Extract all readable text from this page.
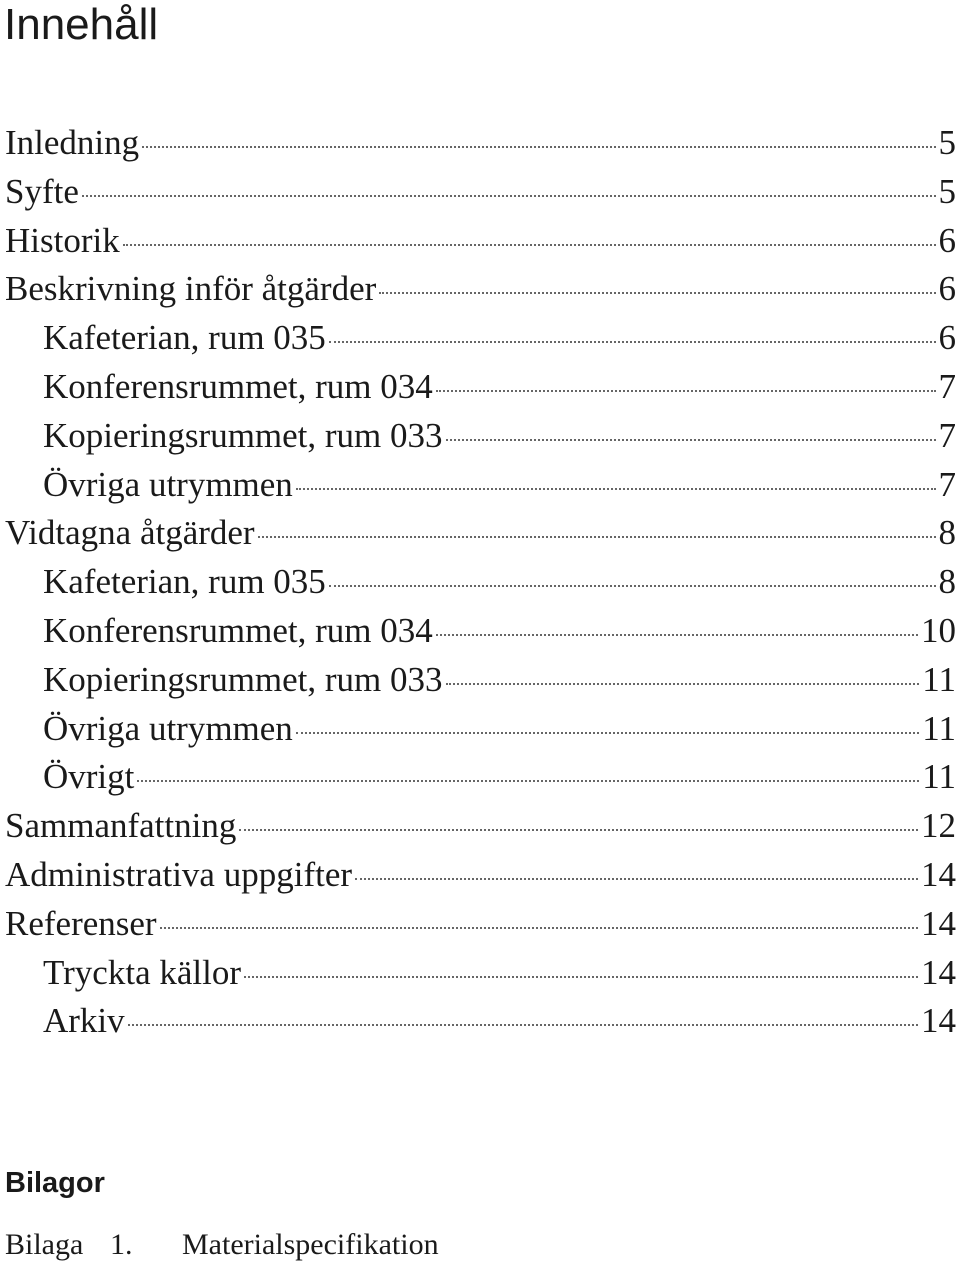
Innehåll
Inledning	5
Syfte	5
Historik	6
Beskrivning inför åtgärder	6
Kafeterian, rum 035	6
Konferensrummet, rum 034	7
Kopieringsrummet, rum 033	7
Övriga utrymmen	7
Vidtagna åtgärder	8
Kafeterian, rum 035	8
Konferensrummet, rum 034	10
Kopieringsrummet, rum 033	11
Övriga utrymmen	11
Övrigt	11
Sammanfattning	12
Administrativa uppgifter	14
Referenser	14
Tryckta källor	14
Arkiv	14
Bilagor
Bilaga 1. Materialspecifikation
